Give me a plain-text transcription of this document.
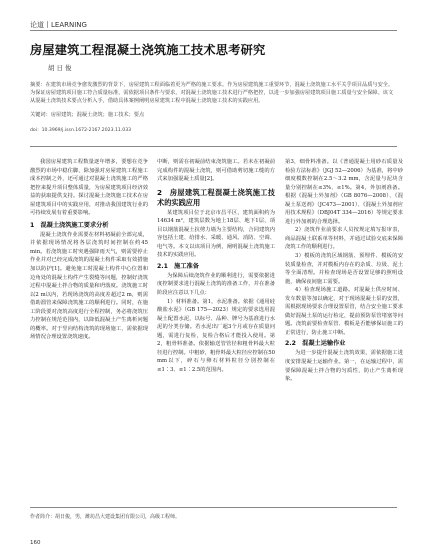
论道丨LEARNING
房屋建筑工程混凝土浇筑施工技术思考研究
胡日俊

摘要：在建筑市场竞争愈发激烈的背景下，房屋建筑工程面临着更为严格的施工要求。作为房屋建筑施工重要环节，混凝土浇筑施工水平关乎项目品质与安全。为保证房屋建筑项目施工符合质量标准，需依据项目条件与要求，对混凝土浇筑施工技术进行严格把控，以进一步加强房屋建筑项目施工质量与安全保障。该文从混凝土浇筑技术要点分析入手，借助具体案例阐明房屋建筑工程中混凝土浇筑施工技术的实践应用。

关键词：房屋建筑；混凝土浇筑；施工技术；要点
doi：10.3969/j.issn.1672-2167.2023.11.033

我国房屋建筑工程数量逐年增多，要想在竞争激烈的市场中稳住脚，除加强对房屋建筑工程施工成本控制之外，还可通过对混凝土浇筑施工的严格把控来提升项目整体质量，为房屋建筑项目经济效益的获取提供支持。探讨混凝土浇筑施工技术在房屋建筑项目中的实践应用，对推动我国建筑行业的可持续发展有着重要影响。

1　混凝土浇筑施工要求分析

混凝土浇筑作业需要在材料初凝前全部完成，并依据现场情况将各层浇筑时间控制在约45 min。若浇筑施工时突遇强降雨天气，则需要停止作业并对已经完成浇筑的混凝土构件采取有效措施加以防护[1]。避免施工时混凝土构件中心位置和边角处的混凝土构件产生裂缝等问题，控制好浇筑过程中混凝土拌合物的质量和坍落度。浇筑施工时以2 m以内，若现场浇筑的高度差超过2 m，则需借助溜管来保障浇筑施工的顺利进行。同时，在施工阶段要对浇筑高度进行全程控制，务必将浇筑压力控制在规范范围内，以降低混凝土产生离析问题的概率。对于竖向结构浇筑的现场施工，需依据现场情况合理设置浇筑速度。

中断，则需在初凝前结束浇筑施工。若未在初凝前完成构件的混凝土浇筑，则可借助剪切施工缝的方式来加强混凝土质量[2]。

2　房屋建筑工程混凝土浇筑施工技术的实践应用

某建筑项目位于北京市昌平区，建筑面积约为14634 m²，建筑层数为地上18层、地下1层，项目以钢筋混凝土抗剪力墙为主要结构，合同建筑内容包括土建、给排水、采暖、通风、消防、空调、电气等。本文以该项目为例，阐明混凝土浇筑施工技术的实践应用。

2.1　施工准备

为保障后续浇筑作业的顺利进行，需要依据进度控制要求进行混凝土浇筑的准备工作，并在准备阶段应注意以下几点：

1）材料准备。第1，水泥准备。依据《通用硅酸盐水泥》（GB 175—2023）规定的要求选用混凝土配置水泥，以标号、品种、牌号为基准进行水泥的分类存储。若水泥出厂超3个月或存在质量问题，需进行复检，复检合格后才能投入使用。第2，粗骨料准备。依据输送管管径和粗骨料最大粒径进行控制。中粗砂，粗骨料最大粒径应控制在50 mm以下，碎石与卵石材料粒径分别控制在≤1∶3、≤1∶2.5的范围内。

第3，细骨料准备。以《普通混凝土用砂石质量及检验方法标准》（JGJ 52—2006）为基准，将中砂细度模数控制在2.5～3.2 mm，含泥量与泥块含量分别控制在≤3%、≤1%。第4，外加剂准备。根据《混凝土外加剂》（GB 8076—2008）、《混凝土泵送剂》（JC473—2001）、《混凝土外加剂应用技术规程》（DBJ04T 334—2016）等规定要求进行外加剂的合理选择。

2）浇筑作业前要求人员按规定填写报审表，商品混凝土联系单等材料，并通过试验交底来保障浇筑工作的顺利进行。

3）模板的浇筑区域钢筋、预埋件、模板的安装质量检查，并对模板内存在的杂质、垃圾、泥土等全面清理。并检查现场是否设置足够的照明设施，确保夜间施工需要。

4）检查现场施工道路。对混凝土供应时间、发车数量等加以确定，对于现场混凝土泵的安置，需根据现场要求合理设置泵管，结合安全施工要求做好混凝土泵的运行检定，提前预防泵管堵塞等问题。浇筑前要检查泵管、模板是否能够保证施工的正常进行，防止施工中断。

2.2　混凝土运输作业

为进一步提升混凝土浇筑效果，需依据施工进度安排混凝土运输作业。第一，在运输过程中，需要保障混凝土拌合物的匀质性，防止产生离析现象。

作者简介：胡日俊，男，潍坊昌大建设集团有限公司，高级工程师。
160
